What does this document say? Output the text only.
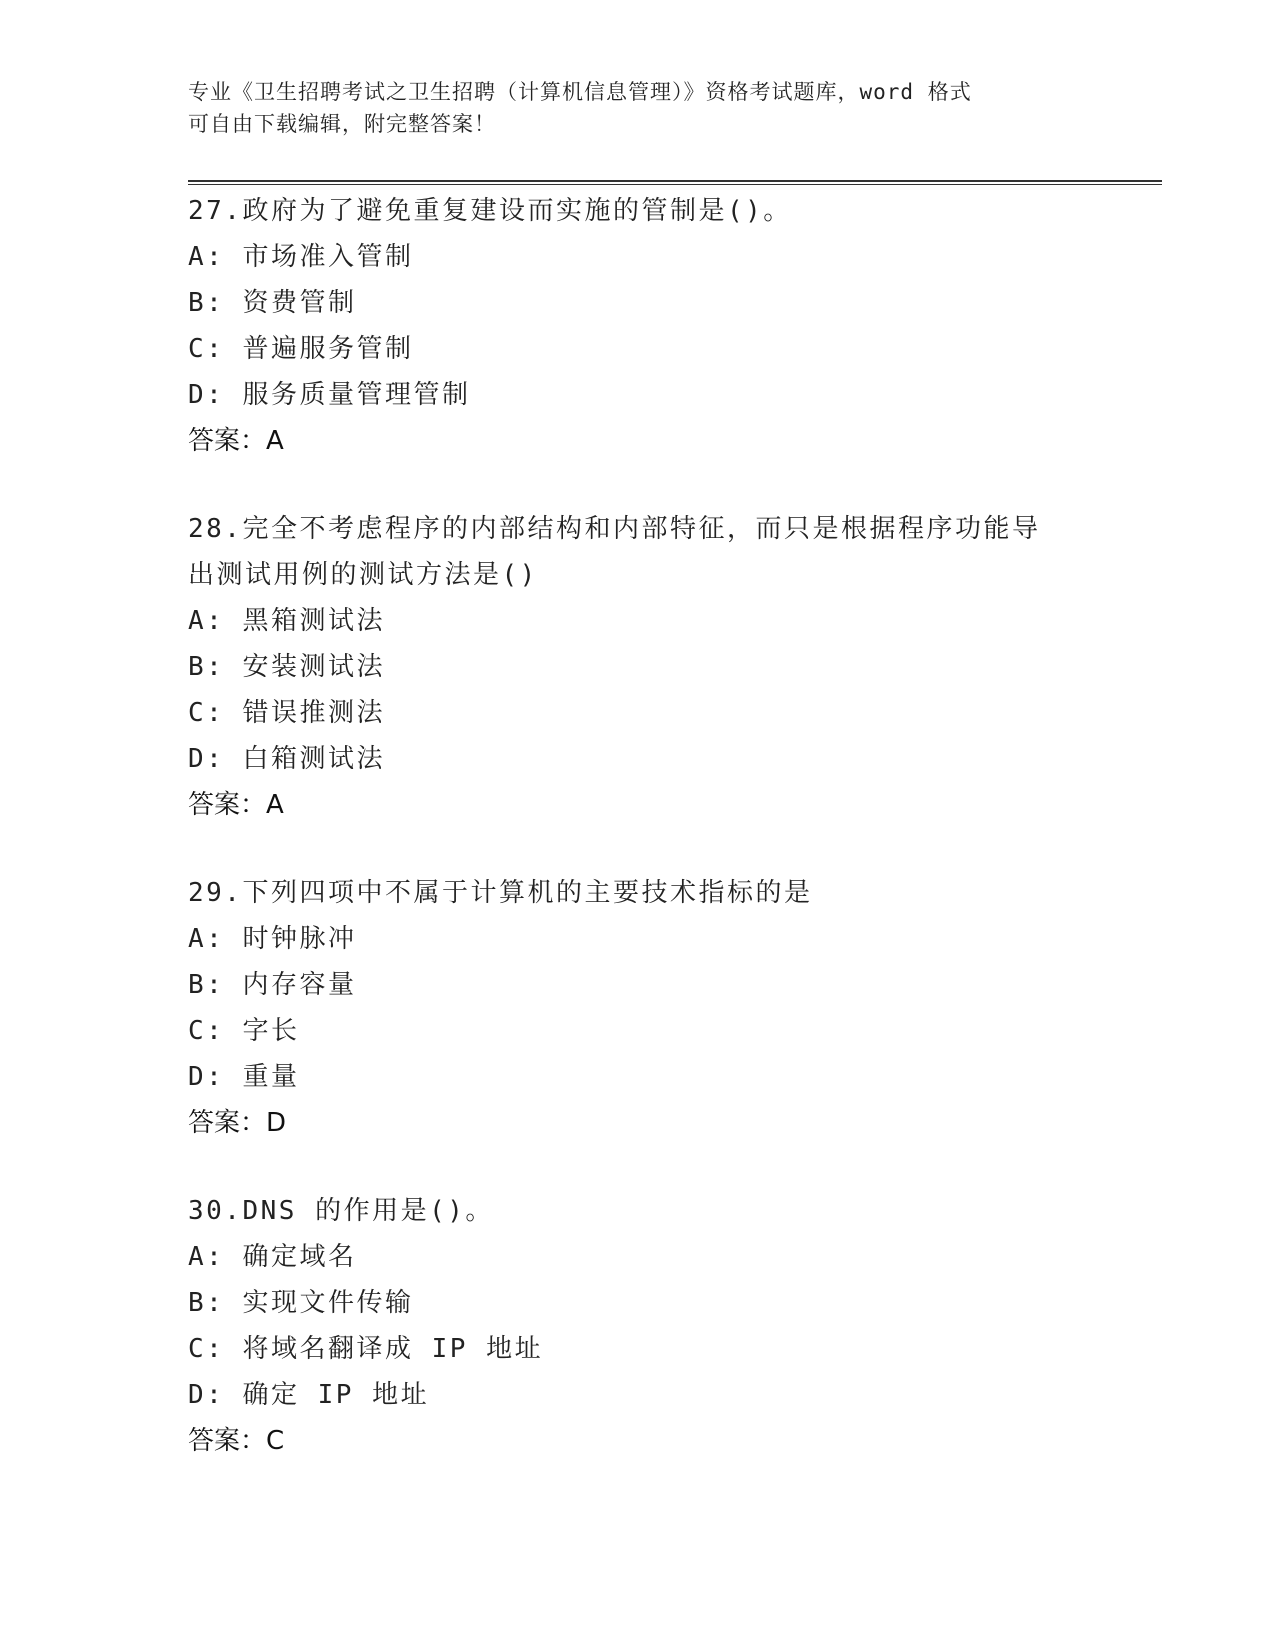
专业《卫生招聘考试之卫生招聘（计算机信息管理）》资格考试题库，word 格式
可自由下载编辑，附完整答案！
27.政府为了避免重复建设而实施的管制是()。
A: 市场准入管制
B: 资费管制
C: 普遍服务管制
D: 服务质量管理管制
答案：A
28.完全不考虑程序的内部结构和内部特征，而只是根据程序功能导出测试用例的测试方法是()
A: 黑箱测试法
B: 安装测试法
C: 错误推测法
D: 白箱测试法
答案：A
29.下列四项中不属于计算机的主要技术指标的是
A: 时钟脉冲
B: 内存容量
C: 字长
D: 重量
答案：D
30.DNS 的作用是()。
A: 确定域名
B: 实现文件传输
C: 将域名翻译成 IP 地址
D: 确定 IP 地址
答案：C
